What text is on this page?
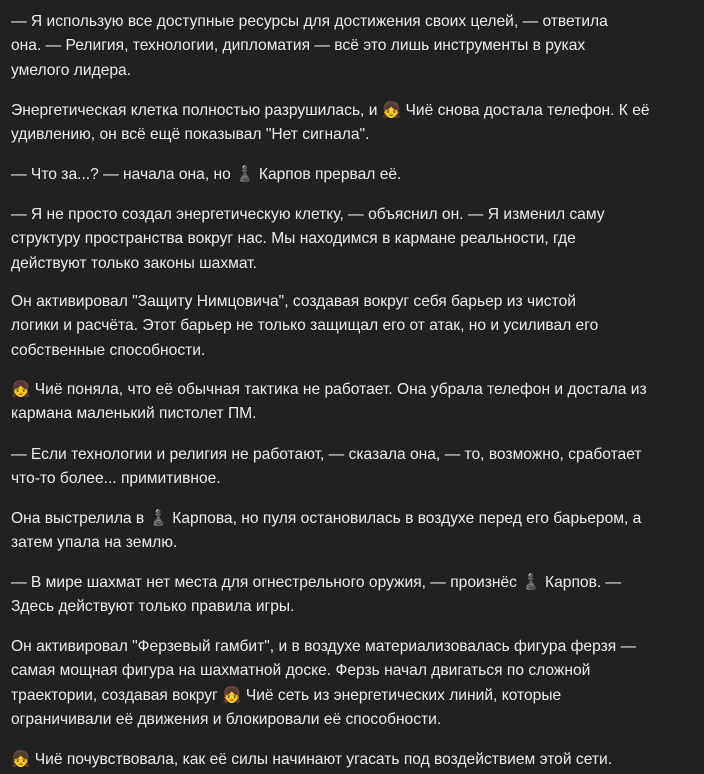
— Я использую все доступные ресурсы для достижения своих целей, — ответила
она. — Религия, технологии, дипломатия — всё это лишь инструменты в руках
умелого лидера.

Энергетическая клетка полностью разрушилась, и 👧 Чиё снова достала телефон. К её
удивлению, он всё ещё показывал "Нет сигнала".

— Что за...? — начала она, но ♟️ Карпов прервал её.

— Я не просто создал энергетическую клетку, — объяснил он. — Я изменил саму
структуру пространства вокруг нас. Мы находимся в кармане реальности, где
действуют только законы шахмат.

Он активировал "Защиту Нимцовича", создавая вокруг себя барьер из чистой
логики и расчёта. Этот барьер не только защищал его от атак, но и усиливал его
собственные способности.

👧 Чиё поняла, что её обычная тактика не работает. Она убрала телефон и достала из
кармана маленький пистолет ПМ.

— Если технологии и религия не работают, — сказала она, — то, возможно, сработает
что-то более... примитивное.

Она выстрелила в ♟️ Карпова, но пуля остановилась в воздухе перед его барьером, а
затем упала на землю.

— В мире шахмат нет места для огнестрельного оружия, — произнёс ♟️ Карпов. —
Здесь действуют только правила игры.

Он активировал "Ферзевый гамбит", и в воздухе материализовалась фигура ферзя —
самая мощная фигура на шахматной доске. Ферзь начал двигаться по сложной
траектории, создавая вокруг 👧 Чиё сеть из энергетических линий, которые
ограничивали её движения и блокировали её способности.

👧 Чиё почувствовала, как её силы начинают угасать под воздействием этой сети.
